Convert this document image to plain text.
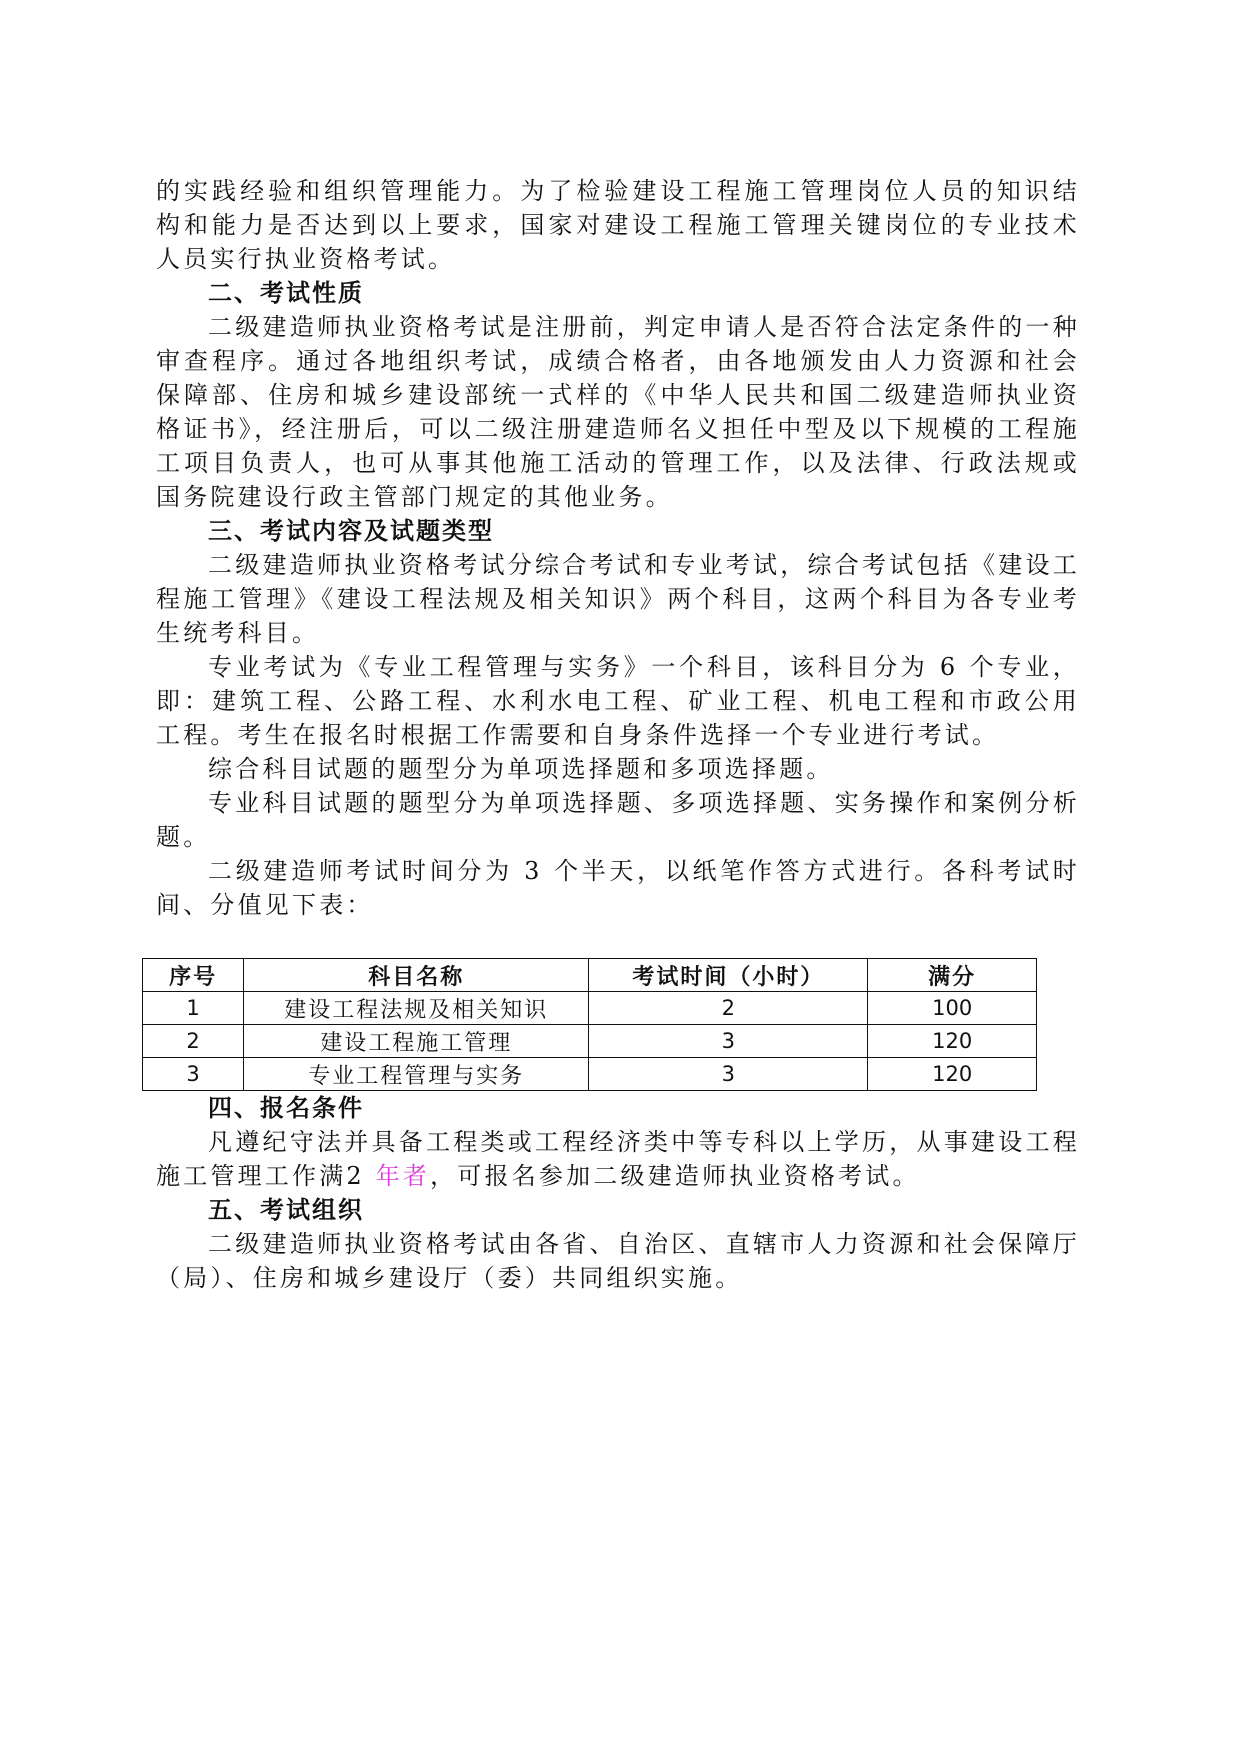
的实践经验和组织管理能力。为了检验建设工程施工管理岗位人员的知识结构和能力是否达到以上要求，国家对建设工程施工管理关键岗位的专业技术人员实行执业资格考试。

二、考试性质

二级建造师执业资格考试是注册前，判定申请人是否符合法定条件的一种审查程序。通过各地组织考试，成绩合格者，由各地颁发由人力资源和社会保障部、住房和城乡建设部统一式样的《中华人民共和国二级建造师执业资格证书》，经注册后，可以二级注册建造师名义担任中型及以下规模的工程施工项目负责人，也可从事其他施工活动的管理工作，以及法律、行政法规或国务院建设行政主管部门规定的其他业务。

三、考试内容及试题类型

二级建造师执业资格考试分综合考试和专业考试，综合考试包括《建设工程施工管理》《建设工程法规及相关知识》两个科目，这两个科目为各专业考生统考科目。

专业考试为《专业工程管理与实务》一个科目，该科目分为 6 个专业，即：建筑工程、公路工程、水利水电工程、矿业工程、机电工程和市政公用工程。考生在报名时根据工作需要和自身条件选择一个专业进行考试。

综合科目试题的题型分为单项选择题和多项选择题。

专业科目试题的题型分为单项选择题、多项选择题、实务操作和案例分析题。

二级建造师考试时间分为 3 个半天，以纸笔作答方式进行。各科考试时间、分值见下表：

序号	科目名称	考试时间（小时）	满分
1	建设工程法规及相关知识	2	100
2	建设工程施工管理	3	120
3	专业工程管理与实务	3	120

四、报名条件

凡遵纪守法并具备工程类或工程经济类中等专科以上学历，从事建设工程施工管理工作满2 年者，可报名参加二级建造师执业资格考试。

五、考试组织

二级建造师执业资格考试由各省、自治区、直辖市人力资源和社会保障厅（局）、住房和城乡建设厅（委）共同组织实施。
